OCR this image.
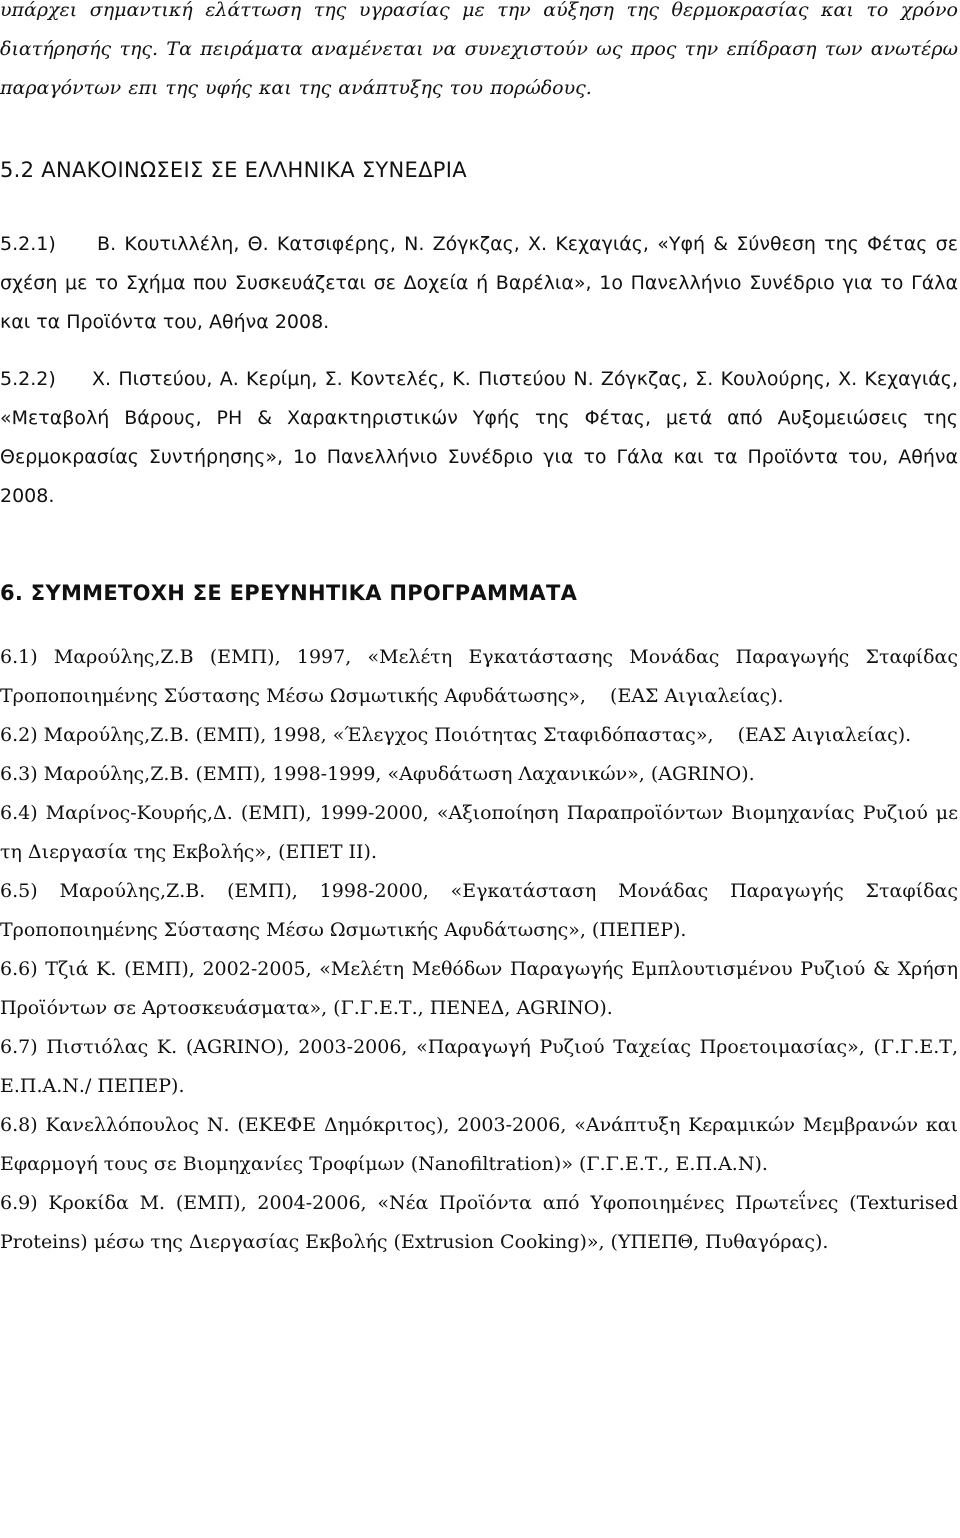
υπάρχει σημαντική ελάττωση της υγρασίας με την αύξηση της θερμοκρασίας και το χρόνο διατήρησής της. Τα πειράματα αναμένεται να συνεχιστούν ως προς την επίδραση των ανωτέρω παραγόντων επι της υφής και της ανάπτυξης του πορώδους.

5.2 ΑΝΑΚΟΙΝΩΣΕΙΣ ΣΕ ΕΛΛΗΝΙΚΑ ΣΥΝΕΔΡΙΑ

5.2.1)     Β. Κουτιλλέλη, Θ. Κατσιφέρης, Ν. Ζόγκζας, Χ. Κεχαγιάς, «Υφή & Σύνθεση της Φέτας σε σχέση με το Σχήμα που Συσκευάζεται σε Δοχεία ή Βαρέλια», 1ο Πανελλήνιο Συνέδριο για το Γάλα και τα Προϊόντα του, Αθήνα 2008.

5.2.2)     Χ. Πιστεύου, Α. Κερίμη, Σ. Κοντελές, Κ. Πιστεύου Ν. Ζόγκζας, Σ. Κουλούρης, Χ. Κεχαγιάς, «Μεταβολή Βάρους, PH & Χαρακτηριστικών Υφής της Φέτας, μετά από Αυξομειώσεις της Θερμοκρασίας Συντήρησης», 1ο Πανελλήνιο Συνέδριο για το Γάλα και τα Προϊόντα του, Αθήνα 2008.

6. ΣΥΜΜΕΤΟΧΗ ΣΕ ΕΡΕΥΝΗΤΙΚΑ ΠΡΟΓΡΑΜΜΑΤΑ

6.1) Μαρούλης,Ζ.Β (ΕΜΠ), 1997, «Μελέτη Εγκατάστασης Μονάδας Παραγωγής Σταφίδας Τροποποιημένης Σύστασης Μέσω Ωσμωτικής Αφυδάτωσης»,    (ΕΑΣ Αιγιαλείας).

6.2) Μαρούλης,Ζ.Β. (ΕΜΠ), 1998, «Έλεγχος Ποιότητας Σταφιδόπαστας»,    (ΕΑΣ Αιγιαλείας).

6.3) Μαρούλης,Ζ.Β. (ΕΜΠ), 1998-1999, «Αφυδάτωση Λαχανικών», (AGRINO).

6.4) Μαρίνος-Κουρής,Δ. (ΕΜΠ), 1999-2000, «Αξιοποίηση Παραπροϊόντων Βιομηχανίας Ρυζιού με τη Διεργασία της Εκβολής», (ΕΠΕΤ ΙΙ).

6.5) Μαρούλης,Ζ.Β. (ΕΜΠ), 1998-2000, «Εγκατάσταση Μονάδας Παραγωγής Σταφίδας Τροποποιημένης Σύστασης Μέσω Ωσμωτικής Αφυδάτωσης», (ΠΕΠΕΡ).

6.6) Τζιά Κ. (ΕΜΠ), 2002-2005, «Μελέτη Μεθόδων Παραγωγής Εμπλουτισμένου Ρυζιού & Χρήση Προϊόντων σε Αρτοσκευάσματα», (Γ.Γ.Ε.Τ., ΠΕΝΕΔ, AGRINO).

6.7) Πιστιόλας Κ. (AGRINO), 2003-2006, «Παραγωγή Ρυζιού Ταχείας Προετοιμασίας», (Γ.Γ.Ε.Τ, Ε.Π.Α.Ν./ ΠΕΠΕΡ).

6.8) Κανελλόπουλος Ν. (ΕΚΕΦΕ Δημόκριτος), 2003-2006, «Ανάπτυξη Κεραμικών Μεμβρανών και Εφαρμογή τους σε Βιομηχανίες Τροφίμων (Nanofiltration)» (Γ.Γ.Ε.Τ., Ε.Π.Α.Ν).

6.9) Κροκίδα Μ. (ΕΜΠ), 2004-2006, «Νέα Προϊόντα από Υφοποιημένες Πρωτεΐνες (Texturised Proteins) μέσω της Διεργασίας Εκβολής (Extrusion Cooking)», (ΥΠΕΠΘ, Πυθαγόρας).
